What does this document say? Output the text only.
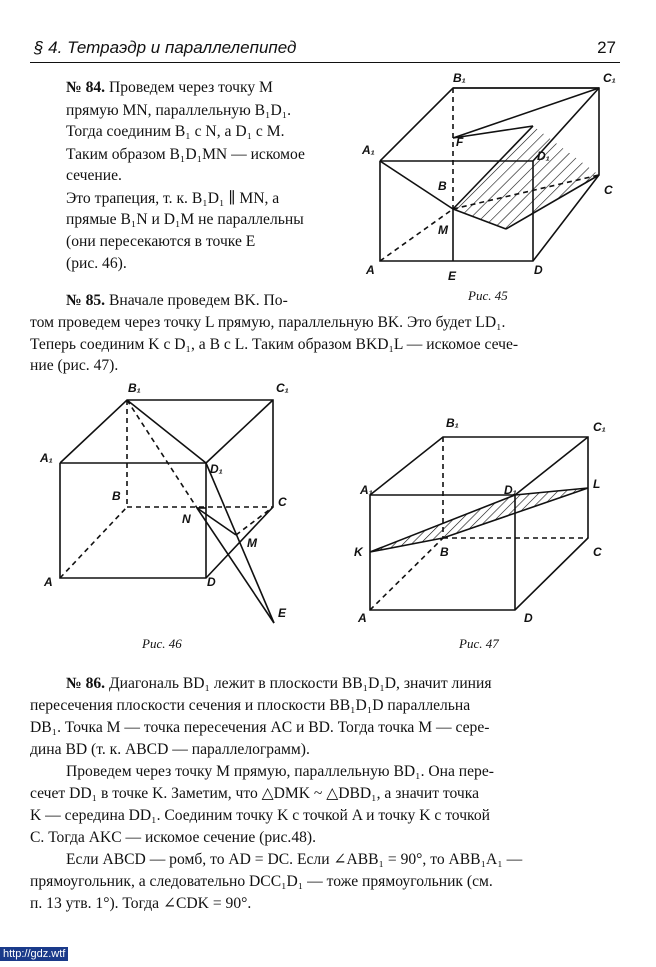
§ 4. Тетраэдр и параллелепипед	27
№ 84. Проведем через точку M
прямую MN, параллельную B₁D₁.
Тогда соединим B₁ с N, а D₁ с M.
Таким образом B₁D₁MN — искомое
сечение.
Это трапеция, т. к. B₁D₁ ∥ MN, а
прямые B₁N и D₁M не параллельны
(они пересекаются в точке E
(рис. 46).
B₁	C₁
A₁	D₁
F
B	C
M
A	E	D
Рис. 45
№ 85. Вначале проведем BK. По-
том проведем через точку L прямую, параллельную BK. Это будет LD₁.
Теперь соединим K с D₁, а B с L. Таким образом BKD₁L — искомое сече-
ние (рис. 47).
B₁	C₁
A₁
D₁
B
N
C
M
A	D
E
Рис. 46
B₁	C₁
A₁	D₁	L
K	B	C
A	D
Рис. 47
№ 86. Диагональ BD₁ лежит в плоскости BB₁D₁D, значит линия
пересечения плоскости сечения и плоскости BB₁D₁D параллельна
DB₁. Точка M — точка пересечения AC и BD. Тогда точка M — сере-
дина BD (т. к. ABCD — параллелограмм).
Проведем через точку M прямую, параллельную BD₁. Она пере-
сечет DD₁ в точке K. Заметим, что △DMK ~ △DBD₁, а значит точка
K — середина DD₁. Соединим точку K с точкой A и точку K с точкой
C. Тогда AKC — искомое сечение (рис.48).
Если ABCD — ромб, то AD = DC. Если ∠ABB₁ = 90°, то ABB₁A₁ —
прямоугольник, а следовательно DCC₁D₁ — тоже прямоугольник (см.
п. 13 утв. 1°). Тогда ∠CDK = 90°.
http://gdz.wtf
